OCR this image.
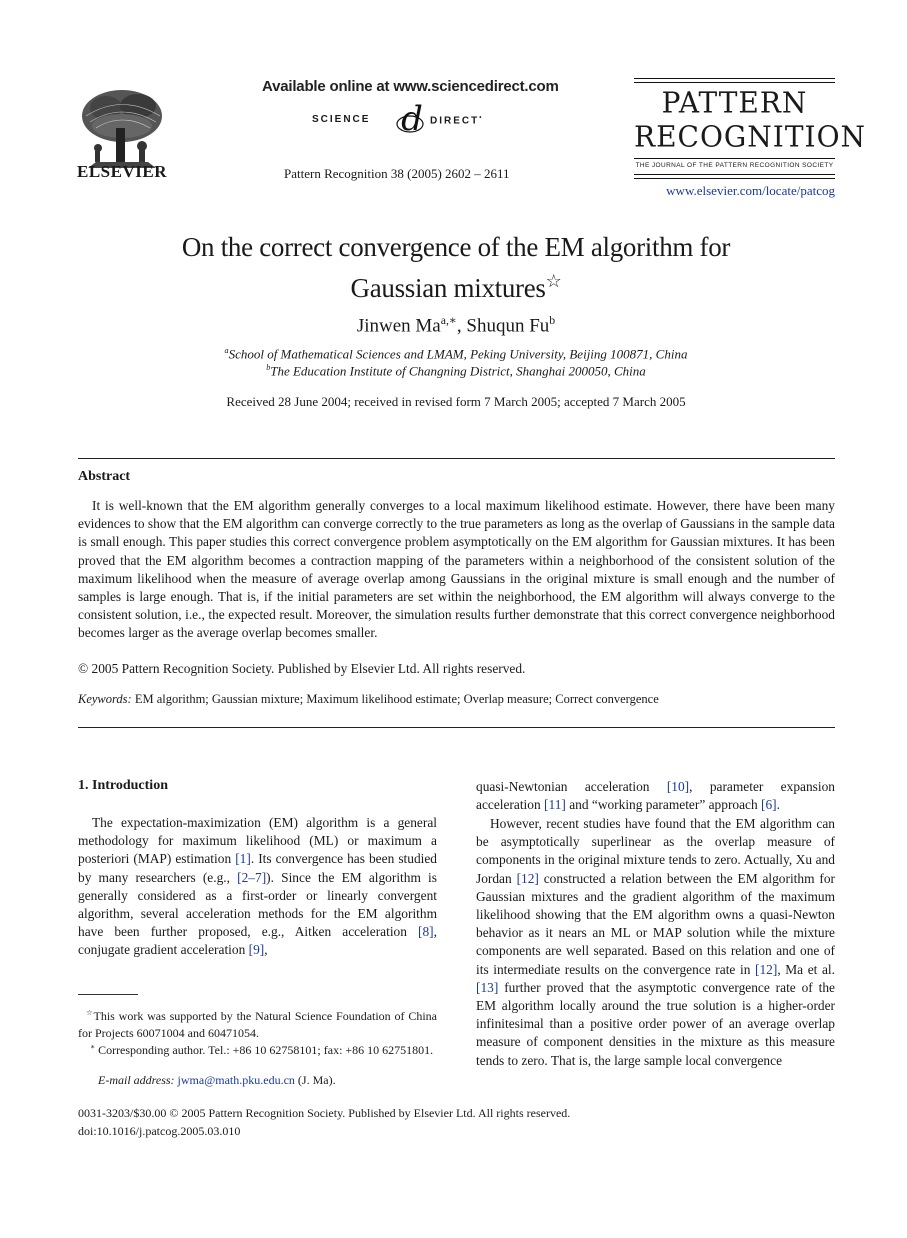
ELSEVIER
Available online at www.sciencedirect.com
SCIENCE d DIRECT•
Pattern Recognition 38 (2005) 2602 – 2611
PATTERN
RECOGNITION
THE JOURNAL OF THE PATTERN RECOGNITION SOCIETY
www.elsevier.com/locate/patcog
On the correct convergence of the EM algorithm for
Gaussian mixtures☆
Jinwen $Ma^{a,∗}$, Shuqun Fu$^b$
$^a$School of Mathematical Sciences and LMAM, Peking University, Beijing 100871, China
$^b$The Education Institute of Changning District, Shanghai 200050, China
Received 28 June 2004; received in revised form 7 March 2005; accepted 7 March 2005
Abstract
It is well-known that the EM algorithm generally converges to a local maximum likelihood estimate. However, there have been many evidences to show that the EM algorithm can converge correctly to the true parameters as long as the overlap of Gaussians in the sample data is small enough. This paper studies this correct convergence problem asymptotically on the EM algorithm for Gaussian mixtures. It has been proved that the EM algorithm becomes a contraction mapping of the parameters within a neighborhood of the consistent solution of the maximum likelihood when the measure of average overlap among Gaussians in the original mixture is small enough and the number of samples is large enough. That is, if the initial parameters are set within the neighborhood, the EM algorithm will always converge to the consistent solution, i.e., the expected result. Moreover, the simulation results further demonstrate that this correct convergence neighborhood becomes larger as the average overlap becomes smaller.
© 2005 Pattern Recognition Society. Published by Elsevier Ltd. All rights reserved.
Keywords: EM algorithm; Gaussian mixture; Maximum likelihood estimate; Overlap measure; Correct convergence
1. Introduction
The expectation-maximization (EM) algorithm is a general methodology for maximum likelihood (ML) or maximum a posteriori (MAP) estimation [1]. Its convergence has been studied by many researchers (e.g., [2–7]). Since the EM algorithm is generally considered as a first-order or linearly convergent algorithm, several acceleration methods for the EM algorithm have been further proposed, e.g., Aitken acceleration [8], conjugate gradient acceleration [9],
☆This work was supported by the Natural Science Foundation of China for Projects 60071004 and 60471054.
∗ Corresponding author. Tel.: +86 10 62758101; fax: +86 10 62751801.
E-mail address: jwma@math.pku.edu.cn (J. Ma).
quasi-Newtonian acceleration [10], parameter expansion acceleration [11] and “working parameter” approach [6].
However, recent studies have found that the EM algorithm can be asymptotically superlinear as the overlap measure of components in the original mixture tends to zero. Actually, Xu and Jordan [12] constructed a relation between the EM algorithm for Gaussian mixtures and the gradient algorithm of the maximum likelihood showing that the EM algorithm owns a quasi-Newton behavior as it nears an ML or MAP solution while the mixture components are well separated. Based on this relation and one of its intermediate results on the convergence rate in [12], Ma et al. [13] further proved that the asymptotic convergence rate of the EM algorithm locally around the true solution is a higher-order infinitesimal than a positive order power of an average overlap measure of component densities in the mixture as this measure tends to zero. That is, the large sample local convergence
0031-3203/$30.00 © 2005 Pattern Recognition Society. Published by Elsevier Ltd. All rights reserved.
doi:10.1016/j.patcog.2005.03.010
